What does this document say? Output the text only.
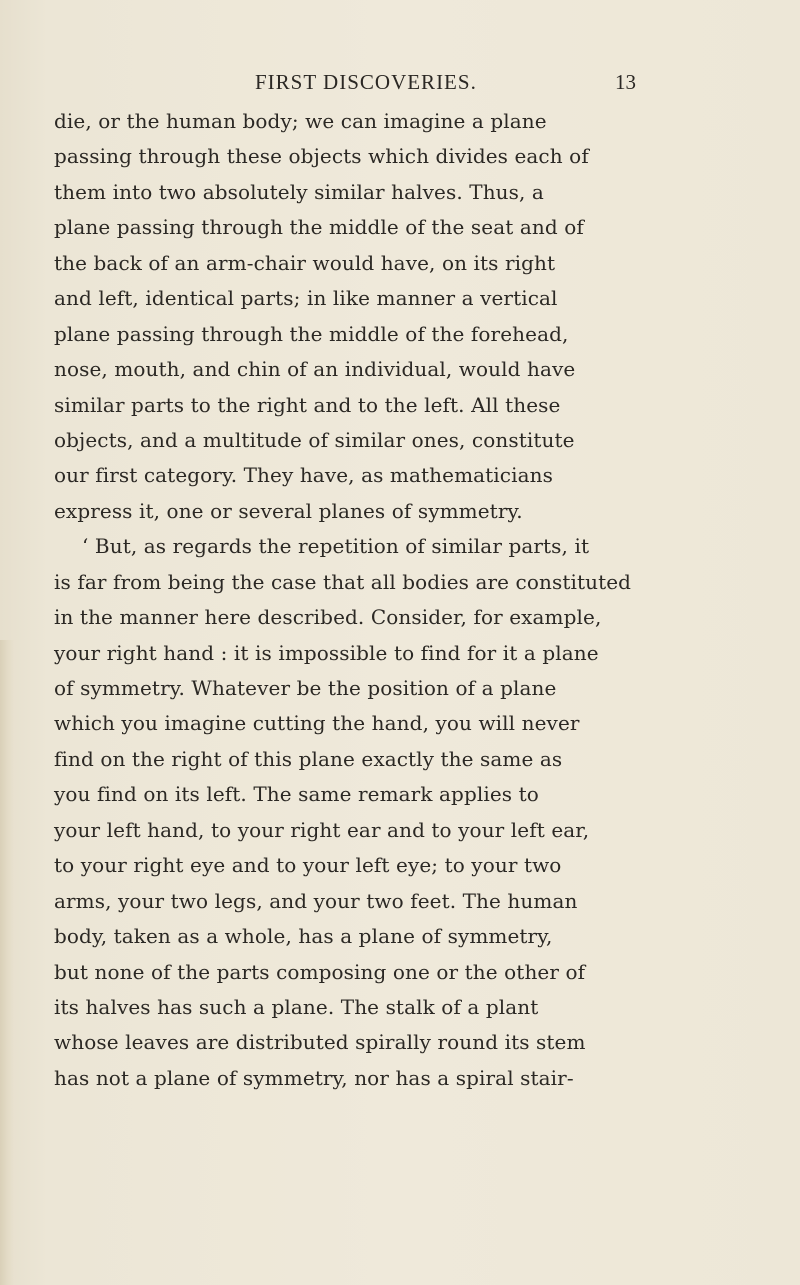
FIRST DISCOVERIES.	13
die, or the human body; we can imagine a plane
passing through these objects which divides each of
them into two absolutely similar halves. Thus, a
plane passing through the middle of the seat and of
the back of an arm-chair would have, on its right
and left, identical parts; in like manner a vertical
plane passing through the middle of the forehead,
nose, mouth, and chin of an individual, would have
similar parts to the right and to the left. All these
objects, and a multitude of similar ones, constitute
our first category. They have, as mathematicians
express it, one or several planes of symmetry.
‘ But, as regards the repetition of similar parts, it
is far from being the case that all bodies are constituted
in the manner here described. Consider, for example,
your right hand : it is impossible to find for it a plane
of symmetry. Whatever be the position of a plane
which you imagine cutting the hand, you will never
find on the right of this plane exactly the same as
you find on its left. The same remark applies to
your left hand, to your right ear and to your left ear,
to your right eye and to your left eye; to your two
arms, your two legs, and your two feet. The human
body, taken as a whole, has a plane of symmetry,
but none of the parts composing one or the other of
its halves has such a plane. The stalk of a plant
whose leaves are distributed spirally round its stem
has not a plane of symmetry, nor has a spiral stair-
